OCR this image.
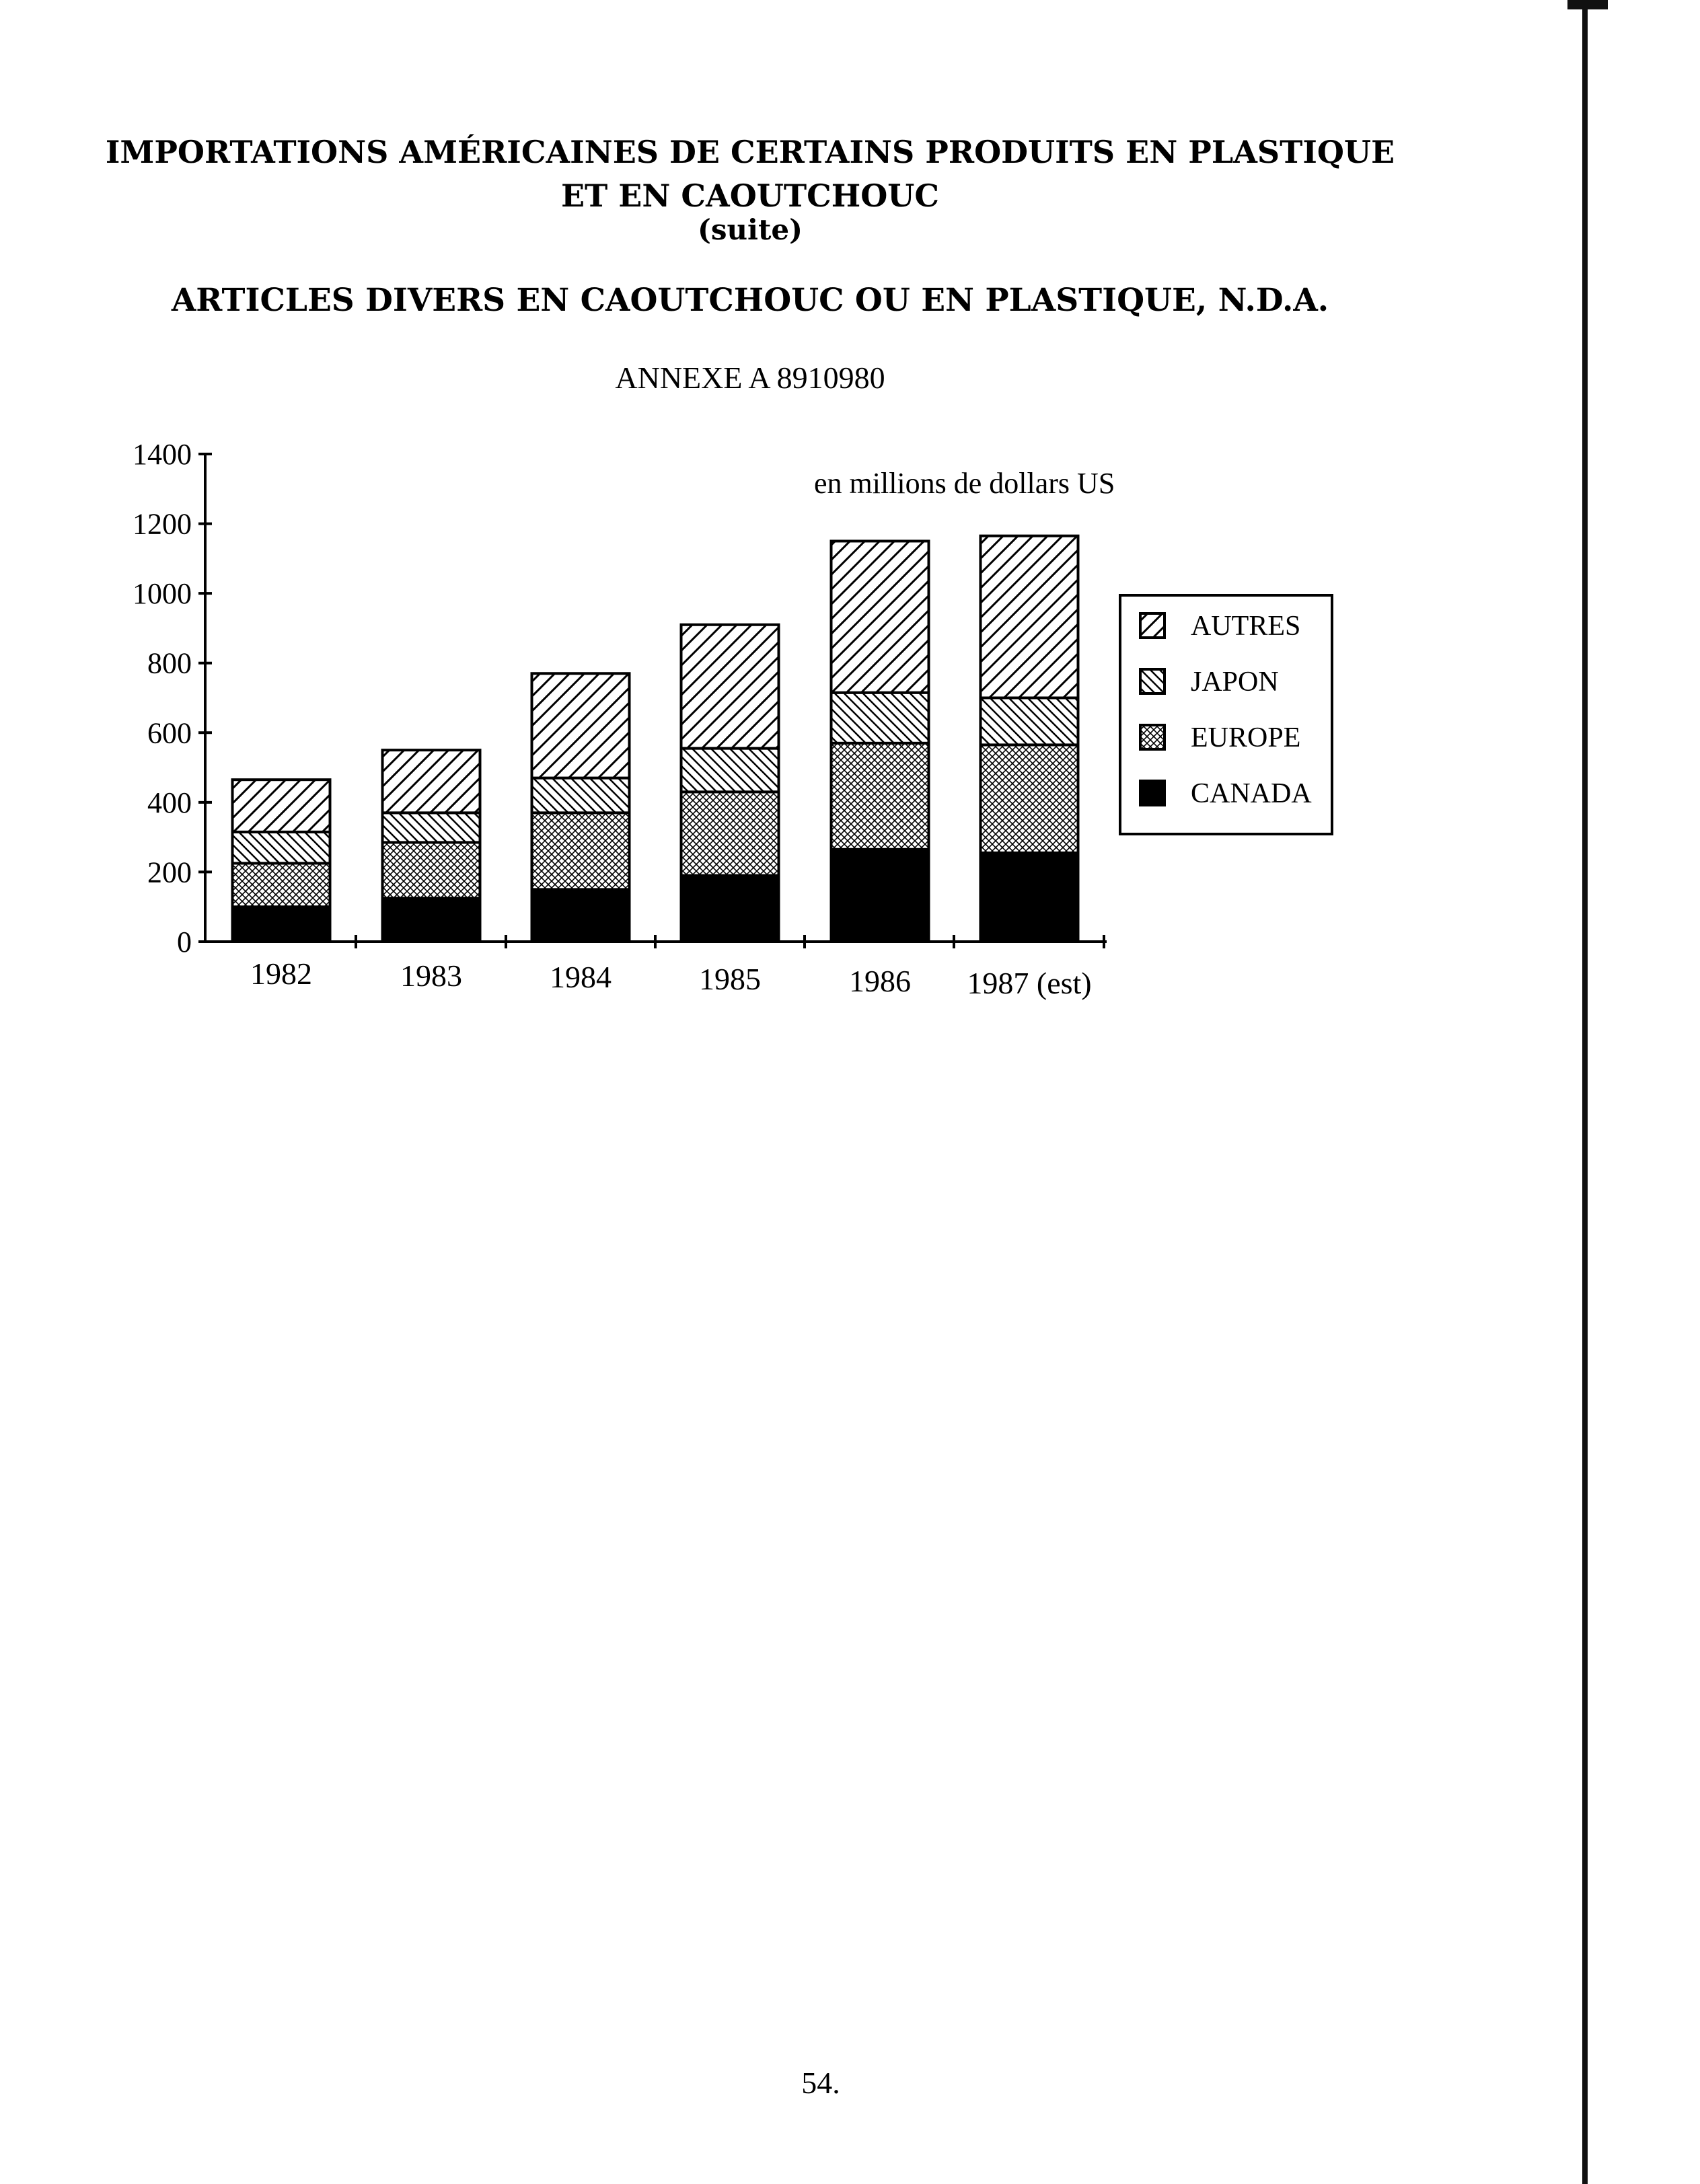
IMPORTATIONS AMÉRICAINES DE CERTAINS PRODUITS EN PLASTIQUE
ET EN CAOUTCHOUC
(suite)
ARTICLES DIVERS EN CAOUTCHOUC OU EN PLASTIQUE, N.D.A.
ANNEXE A 8910980
0
200
400
600
800
1000
1200
1400
1982	1983	1984	1985	1986 1987 (est)
en millions de dollars US
AUTRES
JAPON
EUROPE
CANADA
54.
